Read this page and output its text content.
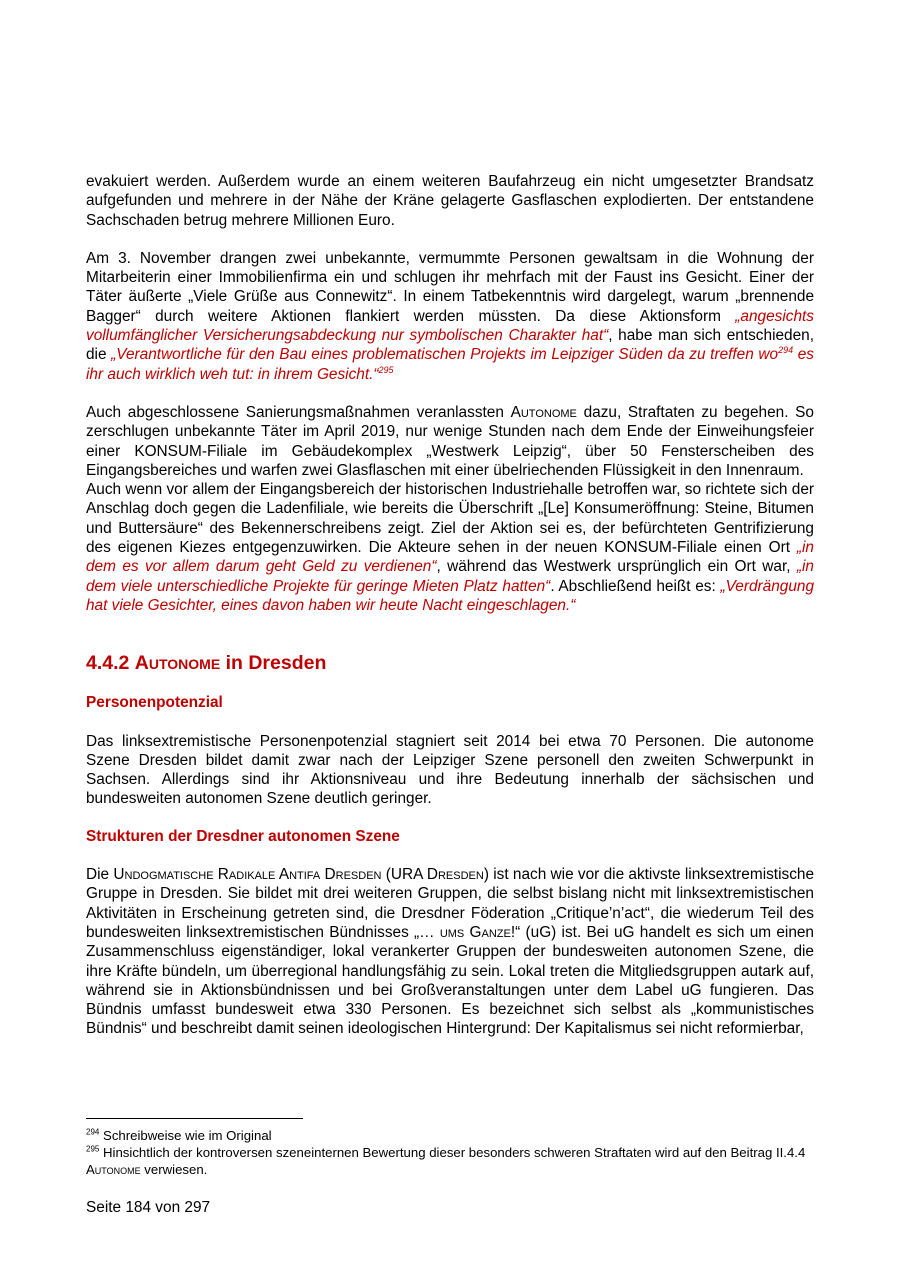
evakuiert werden. Außerdem wurde an einem weiteren Baufahrzeug ein nicht umgesetzter Brandsatz aufgefunden und mehrere in der Nähe der Kräne gelagerte Gasflaschen explodierten. Der entstandene Sachschaden betrug mehrere Millionen Euro.

Am 3. November drangen zwei unbekannte, vermummte Personen gewaltsam in die Wohnung der Mitarbeiterin einer Immobilienfirma ein und schlugen ihr mehrfach mit der Faust ins Gesicht. Einer der Täter äußerte „Viele Grüße aus Connewitz“. In einem Tatbekenntnis wird dargelegt, warum „brennende Bagger“ durch weitere Aktionen flankiert werden müssten. Da diese Aktionsform „angesichts vollumfänglicher Versicherungsabdeckung nur symbolischen Charakter hat“, habe man sich entschieden, die „Verantwortliche für den Bau eines problematischen Projekts im Leipziger Süden da zu treffen $wo^{294}$ es ihr auch wirklich weh tut: in ihrem Gesicht.“$^{295}$

Auch abgeschlossene Sanierungsmaßnahmen veranlassten Autonome dazu, Straftaten zu begehen. So zerschlugen unbekannte Täter im April 2019, nur wenige Stunden nach dem Ende der Einweihungsfeier einer KONSUM-Filiale im Gebäudekomplex „Westwerk Leipzig“, über 50 Fensterscheiben des Eingangsbereiches und warfen zwei Glasflaschen mit einer übelriechenden Flüssigkeit in den Innenraum.

Auch wenn vor allem der Eingangsbereich der historischen Industriehalle betroffen war, so richtete sich der Anschlag doch gegen die Ladenfiliale, wie bereits die Überschrift „[Le] Konsumeröffnung: Steine, Bitumen und Buttersäure“ des Bekennerschreibens zeigt. Ziel der Aktion sei es, der befürchteten Gentrifizierung des eigenen Kiezes entgegenzuwirken. Die Akteure sehen in der neuen KONSUM-Filiale einen Ort „in dem es vor allem darum geht Geld zu verdienen“, während das Westwerk ursprünglich ein Ort war, „in dem viele unterschiedliche Projekte für geringe Mieten Platz hatten“. Abschließend heißt es: „Verdrängung hat viele Gesichter, eines davon haben wir heute Nacht eingeschlagen.“

4.4.2 Autonome in Dresden
Personenpotenzial

Das linksextremistische Personenpotenzial stagniert seit 2014 bei etwa 70 Personen. Die autonome Szene Dresden bildet damit zwar nach der Leipziger Szene personell den zweiten Schwerpunkt in Sachsen. Allerdings sind ihr Aktionsniveau und ihre Bedeutung innerhalb der sächsischen und bundesweiten autonomen Szene deutlich geringer.

Strukturen der Dresdner autonomen Szene

Die Undogmatische Radikale Antifa Dresden (URA Dresden) ist nach wie vor die aktivste linksextremistische Gruppe in Dresden. Sie bildet mit drei weiteren Gruppen, die selbst bislang nicht mit linksextremistischen Aktivitäten in Erscheinung getreten sind, die Dresdner Föderation „Critique’n’act“, die wiederum Teil des bundesweiten linksextremistischen Bündnisses „… ums Ganze!“ (uG) ist. Bei uG handelt es sich um einen Zusammenschluss eigenständiger, lokal verankerter Gruppen der bundesweiten autonomen Szene, die ihre Kräfte bündeln, um überregional handlungsfähig zu sein. Lokal treten die Mitgliedsgruppen autark auf, während sie in Aktionsbündnissen und bei Großveranstaltungen unter dem Label uG fungieren. Das Bündnis umfasst bundesweit etwa 330 Personen. Es bezeichnet sich selbst als „kommunistisches Bündnis“ und beschreibt damit seinen ideologischen Hintergrund: Der Kapitalismus sei nicht reformierbar,

$^{294}$ Schreibweise wie im Original
$^{295}$ Hinsichtlich der kontroversen szeneinternen Bewertung dieser besonders schweren Straftaten wird auf den Beitrag II.4.4 Autonome verwiesen.
Seite 184 von 297
